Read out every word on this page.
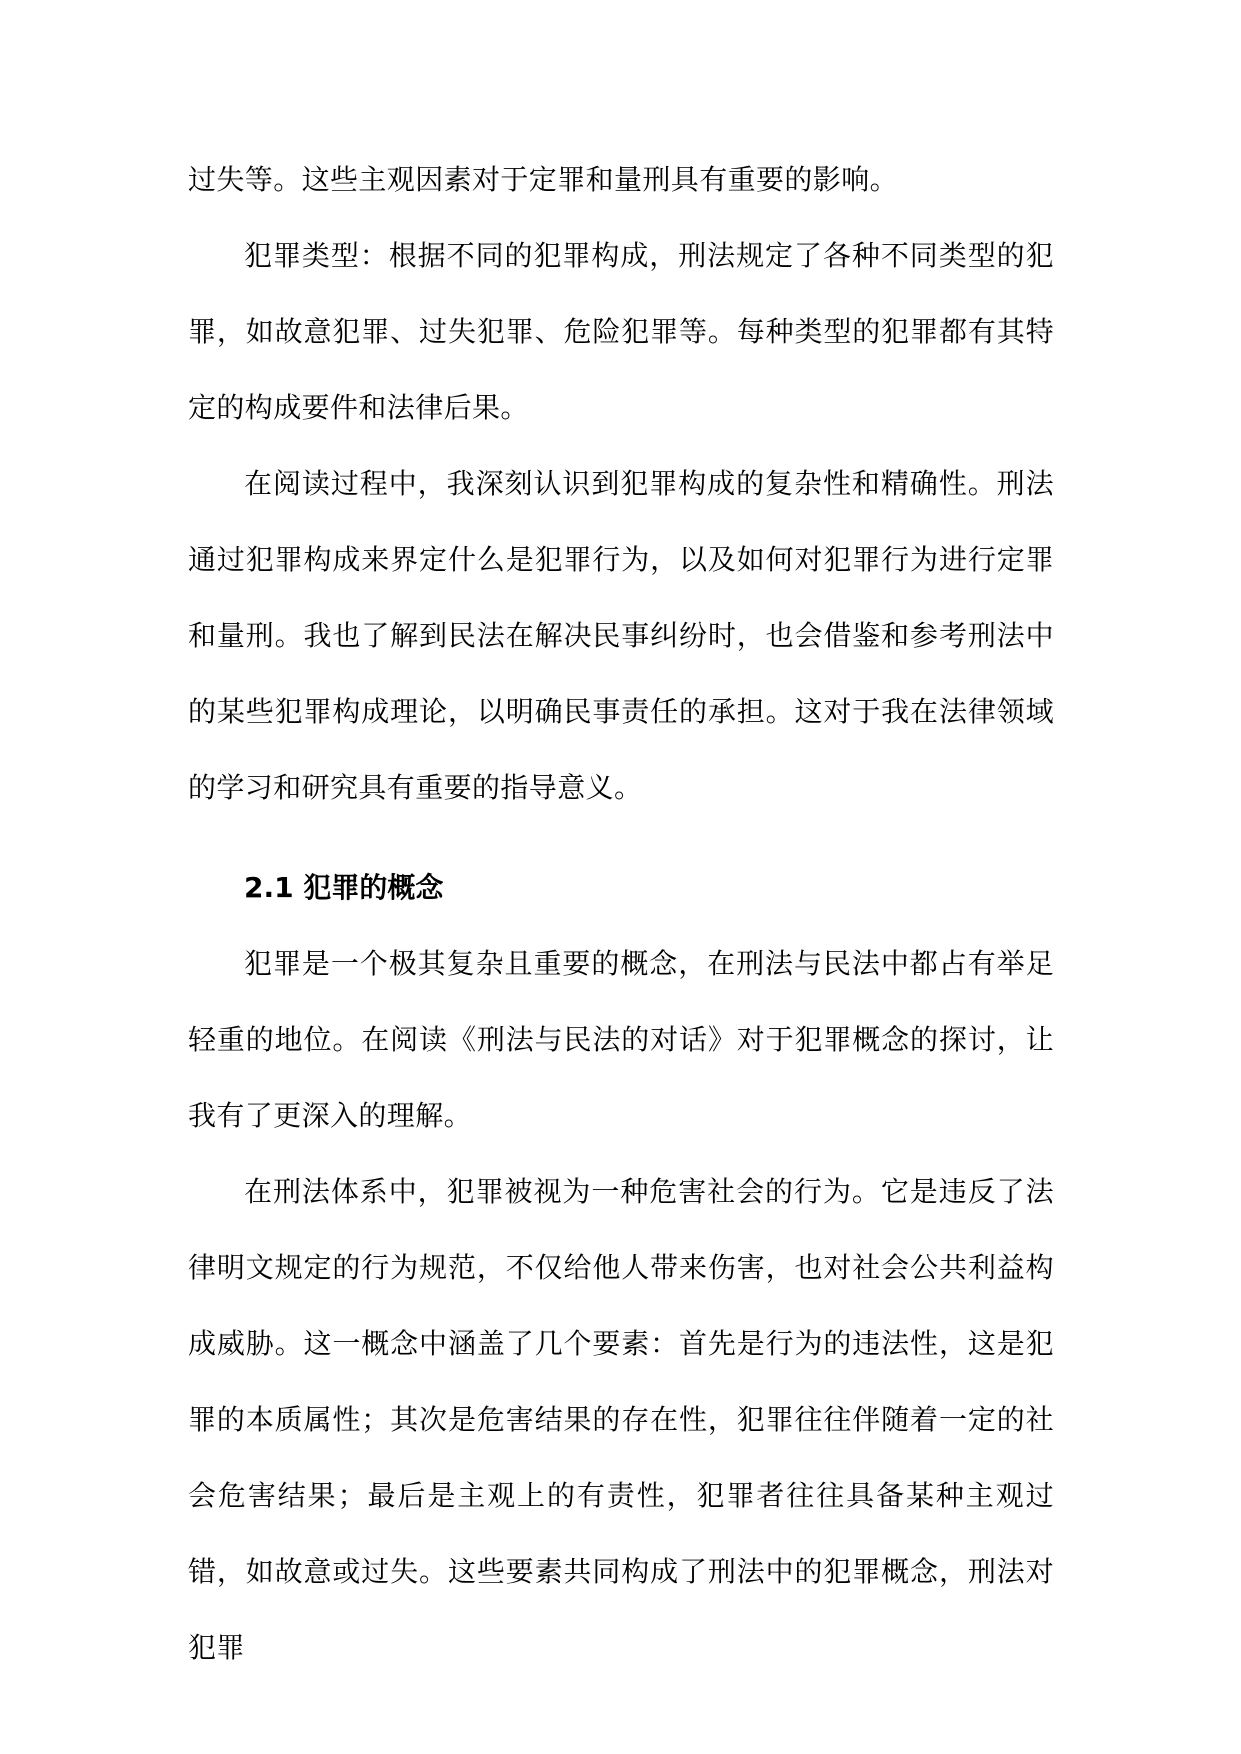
过失等。这些主观因素对于定罪和量刑具有重要的影响。

犯罪类型：根据不同的犯罪构成，刑法规定了各种不同类型的犯罪，如故意犯罪、过失犯罪、危险犯罪等。每种类型的犯罪都有其特定的构成要件和法律后果。

在阅读过程中，我深刻认识到犯罪构成的复杂性和精确性。刑法通过犯罪构成来界定什么是犯罪行为，以及如何对犯罪行为进行定罪和量刑。我也了解到民法在解决民事纠纷时，也会借鉴和参考刑法中的某些犯罪构成理论，以明确民事责任的承担。这对于我在法律领域的学习和研究具有重要的指导意义。

2.1 犯罪的概念

犯罪是一个极其复杂且重要的概念，在刑法与民法中都占有举足轻重的地位。在阅读《刑法与民法的对话》对于犯罪概念的探讨，让我有了更深入的理解。

在刑法体系中，犯罪被视为一种危害社会的行为。它是违反了法律明文规定的行为规范，不仅给他人带来伤害，也对社会公共利益构成威胁。这一概念中涵盖了几个要素：首先是行为的违法性，这是犯罪的本质属性；其次是危害结果的存在性，犯罪往往伴随着一定的社会危害结果；最后是主观上的有责性，犯罪者往往具备某种主观过错，如故意或过失。这些要素共同构成了刑法中的犯罪概念，刑法对犯罪
